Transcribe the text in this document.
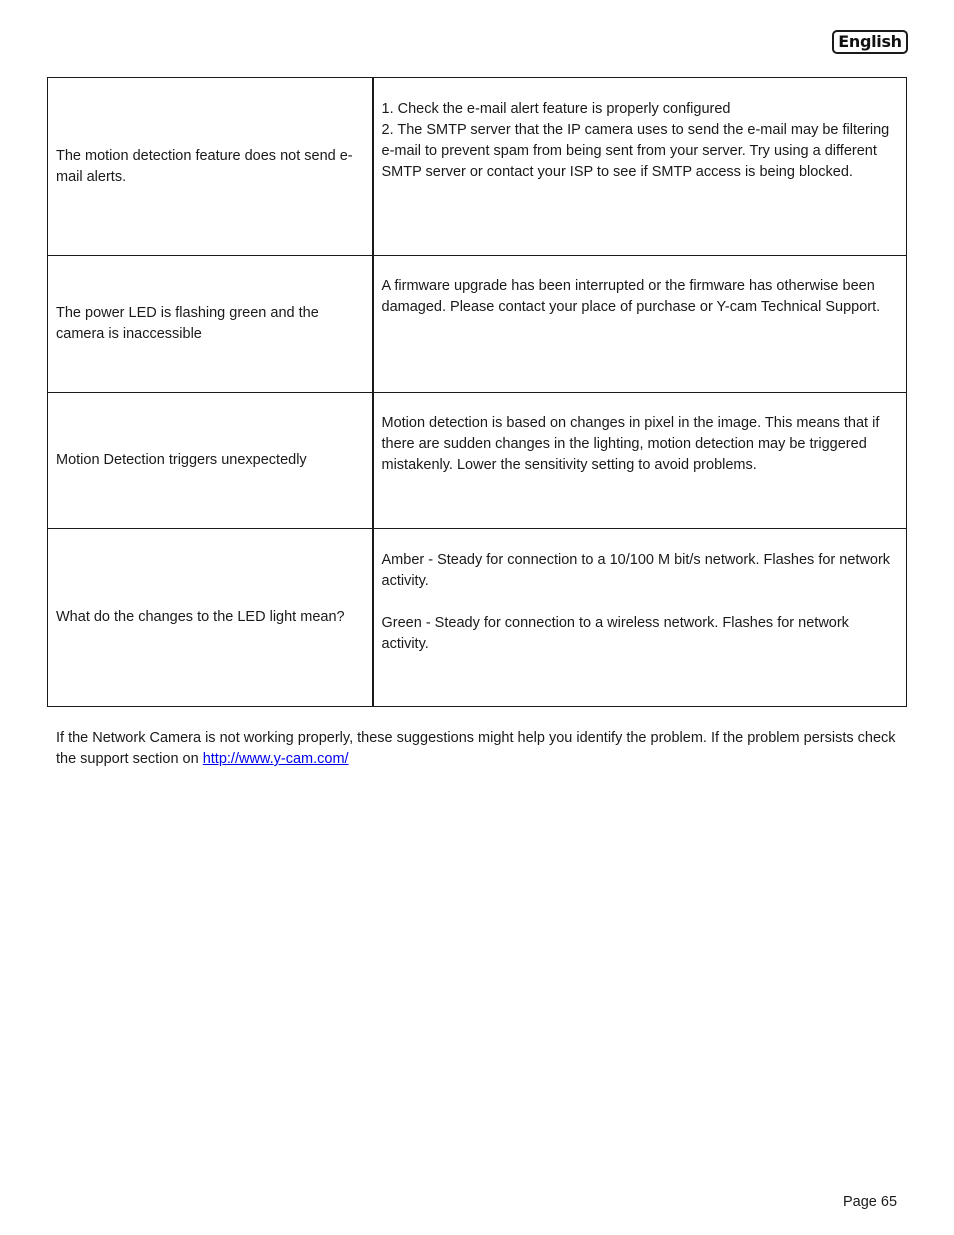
English
The motion detection feature does not send e-mail alerts.	1. Check the e-mail alert feature is properly configured
2. The SMTP server that the IP camera uses to send the e-mail may be filtering e-mail to prevent spam from being sent from your server. Try using a different SMTP server or contact your ISP to see if SMTP access is being blocked.

The power LED is flashing green and the camera is inaccessible	A firmware upgrade has been interrupted or the firmware has otherwise been damaged. Please contact your place of purchase or Y-cam Technical Support.

Motion Detection triggers unexpectedly	Motion detection is based on changes in pixel in the image. This means that if there are sudden changes in the lighting, motion detection may be triggered mistakenly. Lower the sensitivity setting to avoid problems.

What do the changes to the LED light mean?	Amber - Steady for connection to a 10/100 M bit/s network. Flashes for network activity.

Green - Steady for connection to a wireless network. Flashes for network activity.
If the Network Camera is not working properly, these suggestions might help you identify the problem. If the problem persists check the support section on http://www.y-cam.com/
Page 65
